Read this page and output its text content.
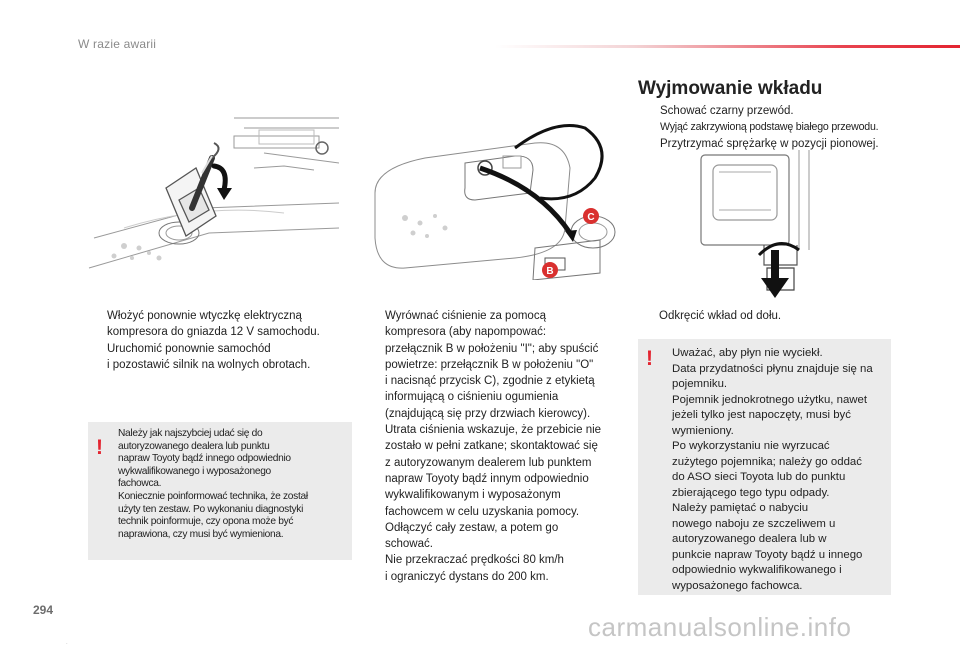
W razie awarii
C
B
Włożyć ponownie wtyczkę elektryczną
kompresora do gniazda 12 V samochodu.
Uruchomić ponownie samochód
i pozostawić silnik na wolnych obrotach.
!
Należy jak najszybciej udać się do
autoryzowanego dealera lub punktu
napraw Toyoty bądź innego odpowiednio
wykwalifikowanego i wyposażonego
fachowca.
Koniecznie poinformować technika, że został
użyty ten zestaw. Po wykonaniu diagnostyki
technik poinformuje, czy opona może być
naprawiona, czy musi być wymieniona.
Wyrównać ciśnienie za pomocą
kompresora (aby napompować:
przełącznik B w położeniu "I"; aby spuścić
powietrze: przełącznik B w położeniu "O"
i nacisnąć przycisk C), zgodnie z etykietą
informującą o ciśnieniu ogumienia
(znajdującą się przy drzwiach kierowcy).
Utrata ciśnienia wskazuje, że przebicie nie
zostało w pełni zatkane; skontaktować się
z autoryzowanym dealerem lub punktem
napraw Toyoty bądź innym odpowiednio
wykwalifikowanym i wyposażonym
fachowcem w celu uzyskania pomocy.
Odłączyć cały zestaw, a potem go
schować.
Nie przekraczać prędkości 80 km/h
i ograniczyć dystans do 200 km.
Wyjmowanie wkładu
Schować czarny przewód.
Wyjąć zakrzywioną podstawę białego przewodu.
Przytrzymać sprężarkę w pozycji pionowej.
Odkręcić wkład od dołu.
! Uważać, aby płyn nie wyciekł.
Data przydatności płynu znajduje się na
pojemniku.
Pojemnik jednokrotnego użytku, nawet
jeżeli tylko jest napoczęty, musi być
wymieniony.
Po wykorzystaniu nie wyrzucać
zużytego pojemnika; należy go oddać
do ASO sieci Toyota lub do punktu
zbierającego tego typu odpady.
Należy pamiętać o nabyciu
nowego naboju ze szczeliwem u
autoryzowanego dealera lub w
punkcie napraw Toyoty bądź u innego
odpowiednio wykwalifikowanego i
wyposażonego fachowca.
294
.
carmanualsonline.info
